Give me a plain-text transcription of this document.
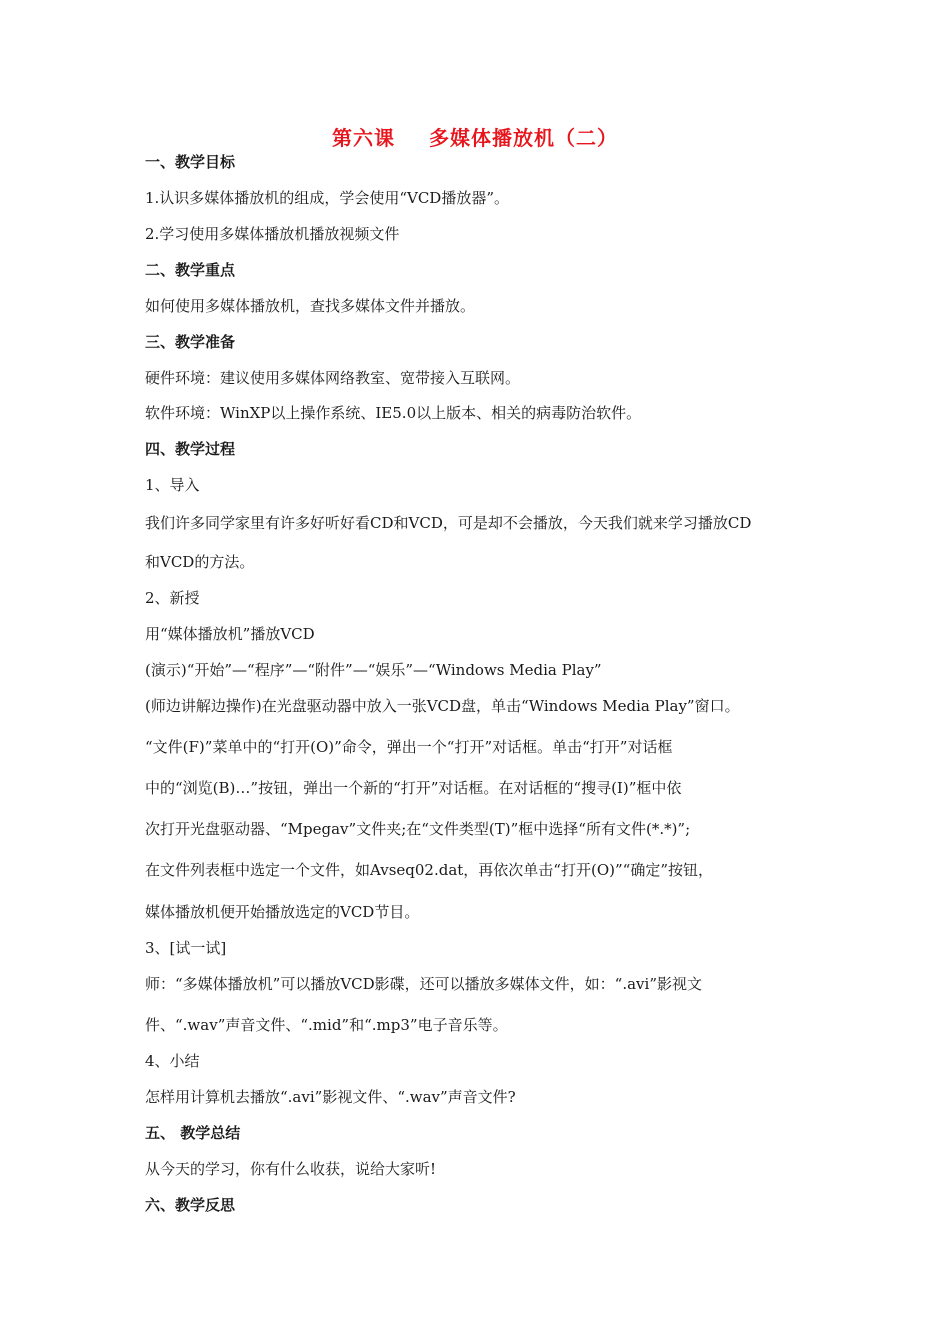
第六课 多媒体播放机（二）
一、教学目标
1.认识多媒体播放机的组成，学会使用“VCD播放器”。
2.学习使用多媒体播放机播放视频文件
二、教学重点
如何使用多媒体播放机，查找多媒体文件并播放。
三、教学准备
硬件环境：建议使用多媒体网络教室、宽带接入互联网。
软件环境：WinXP以上操作系统、IE5.0以上版本、相关的病毒防治软件。
四、教学过程
1、导入
我们许多同学家里有许多好听好看CD和VCD，可是却不会播放，今天我们就来学习播放CD
和VCD的方法。
2、新授
用“媒体播放机”播放VCD
(演示)“开始”—“程序”—“附件”—“娱乐”—“Windows Media Play”
(师边讲解边操作)在光盘驱动器中放入一张VCD盘，单击“Windows Media Play”窗口。
“文件(F)”菜单中的“打开(O)”命令，弹出一个“打开”对话框。单击“打开”对话框
中的“浏览(B)…”按钮，弹出一个新的“打开”对话框。在对话框的“搜寻(I)”框中依
次打开光盘驱动器、“Mpegav”文件夹;在“文件类型(T)”框中选择“所有文件(*.*)”;
在文件列表框中选定一个文件，如Avseq02.dat，再依次单击“打开(O)”“确定”按钮，
媒体播放机便开始播放选定的VCD节目。
3、[试一试]
师：“多媒体播放机”可以播放VCD影碟，还可以播放多媒体文件，如：“.avi”影视文
件、“.wav”声音文件、“.mid”和“.mp3”电子音乐等。
4、小结
怎样用计算机去播放“.avi”影视文件、“.wav”声音文件?
五、 教学总结
从今天的学习，你有什么收获，说给大家听!
六、教学反思
